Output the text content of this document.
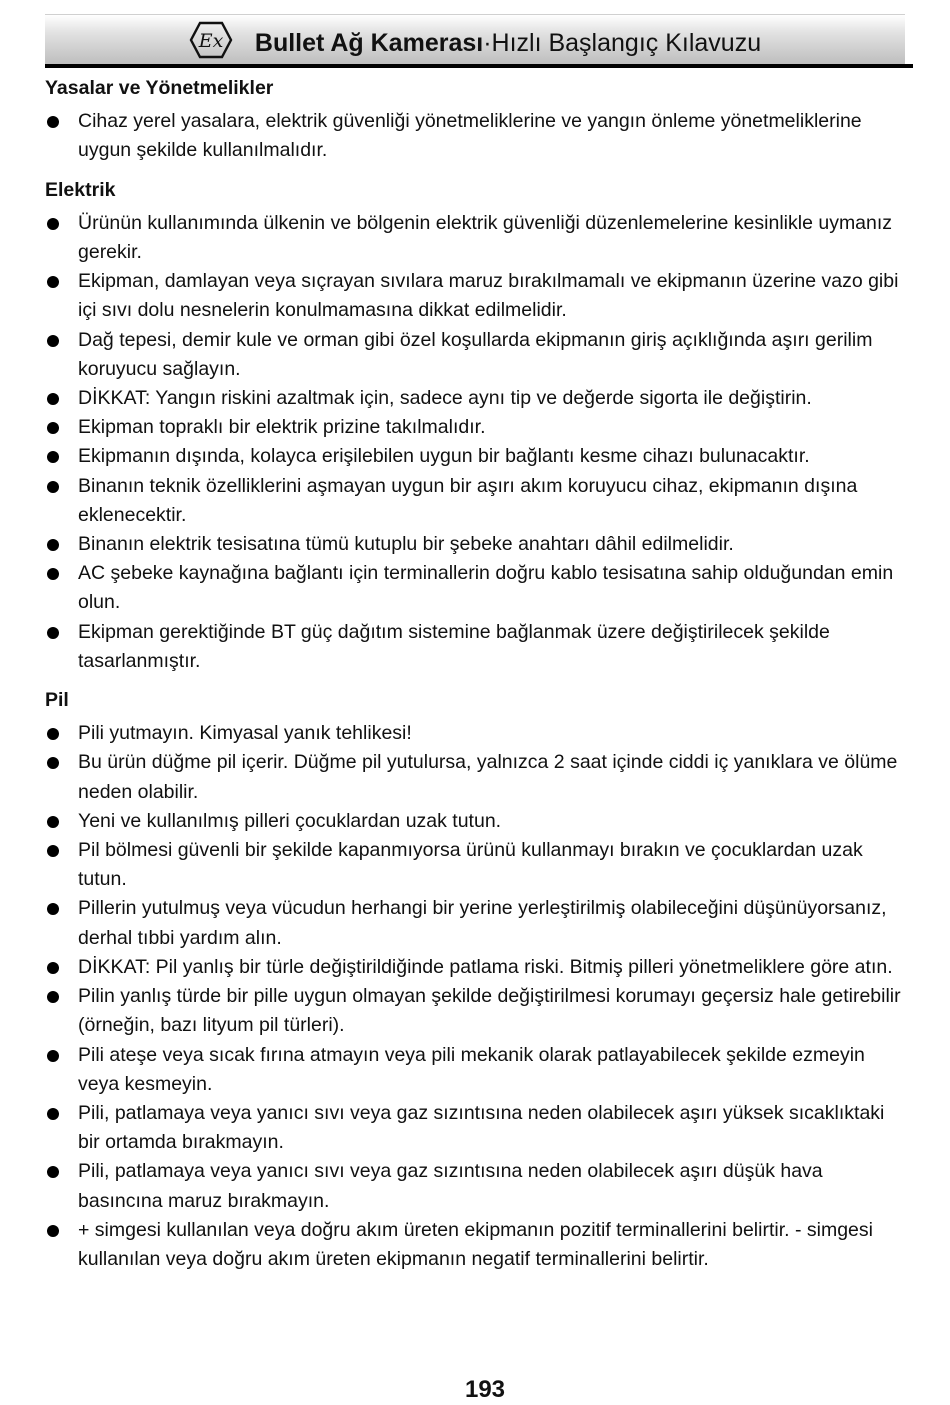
Ex Bullet Ağ Kamerası·Hızlı Başlangıç Kılavuzu
Yasalar ve Yönetmelikler
Cihaz yerel yasalara, elektrik güvenliği yönetmeliklerine ve yangın önleme yönetmeliklerine uygun şekilde kullanılmalıdır.
Elektrik
Ürünün kullanımında ülkenin ve bölgenin elektrik güvenliği düzenlemelerine kesinlikle uymanız gerekir.
Ekipman, damlayan veya sıçrayan sıvılara maruz bırakılmamalı ve ekipmanın üzerine vazo gibi içi sıvı dolu nesnelerin konulmamasına dikkat edilmelidir.
Dağ tepesi, demir kule ve orman gibi özel koşullarda ekipmanın giriş açıklığında aşırı gerilim koruyucu sağlayın.
DİKKAT: Yangın riskini azaltmak için, sadece aynı tip ve değerde sigorta ile değiştirin.
Ekipman topraklı bir elektrik prizine takılmalıdır.
Ekipmanın dışında, kolayca erişilebilen uygun bir bağlantı kesme cihazı bulunacaktır.
Binanın teknik özelliklerini aşmayan uygun bir aşırı akım koruyucu cihaz, ekipmanın dışına eklenecektir.
Binanın elektrik tesisatına tümü kutuplu bir şebeke anahtarı dâhil edilmelidir.
AC şebeke kaynağına bağlantı için terminallerin doğru kablo tesisatına sahip olduğundan emin olun.
Ekipman gerektiğinde BT güç dağıtım sistemine bağlanmak üzere değiştirilecek şekilde tasarlanmıştır.
Pil
Pili yutmayın. Kimyasal yanık tehlikesi!
Bu ürün düğme pil içerir. Düğme pil yutulursa, yalnızca 2 saat içinde ciddi iç yanıklara ve ölüme neden olabilir.
Yeni ve kullanılmış pilleri çocuklardan uzak tutun.
Pil bölmesi güvenli bir şekilde kapanmıyorsa ürünü kullanmayı bırakın ve çocuklardan uzak tutun.
Pillerin yutulmuş veya vücudun herhangi bir yerine yerleştirilmiş olabileceğini düşünüyorsanız, derhal tıbbi yardım alın.
DİKKAT: Pil yanlış bir türle değiştirildiğinde patlama riski. Bitmiş pilleri yönetmeliklere göre atın.
Pilin yanlış türde bir pille uygun olmayan şekilde değiştirilmesi korumayı geçersiz hale getirebilir (örneğin, bazı lityum pil türleri).
Pili ateşe veya sıcak fırına atmayın veya pili mekanik olarak patlayabilecek şekilde ezmeyin veya kesmeyin.
Pili, patlamaya veya yanıcı sıvı veya gaz sızıntısına neden olabilecek aşırı yüksek sıcaklıktaki bir ortamda bırakmayın.
Pili, patlamaya veya yanıcı sıvı veya gaz sızıntısına neden olabilecek aşırı düşük hava basıncına maruz bırakmayın.
+ simgesi kullanılan veya doğru akım üreten ekipmanın pozitif terminallerini belirtir. - simgesi kullanılan veya doğru akım üreten ekipmanın negatif terminallerini belirtir.
193
